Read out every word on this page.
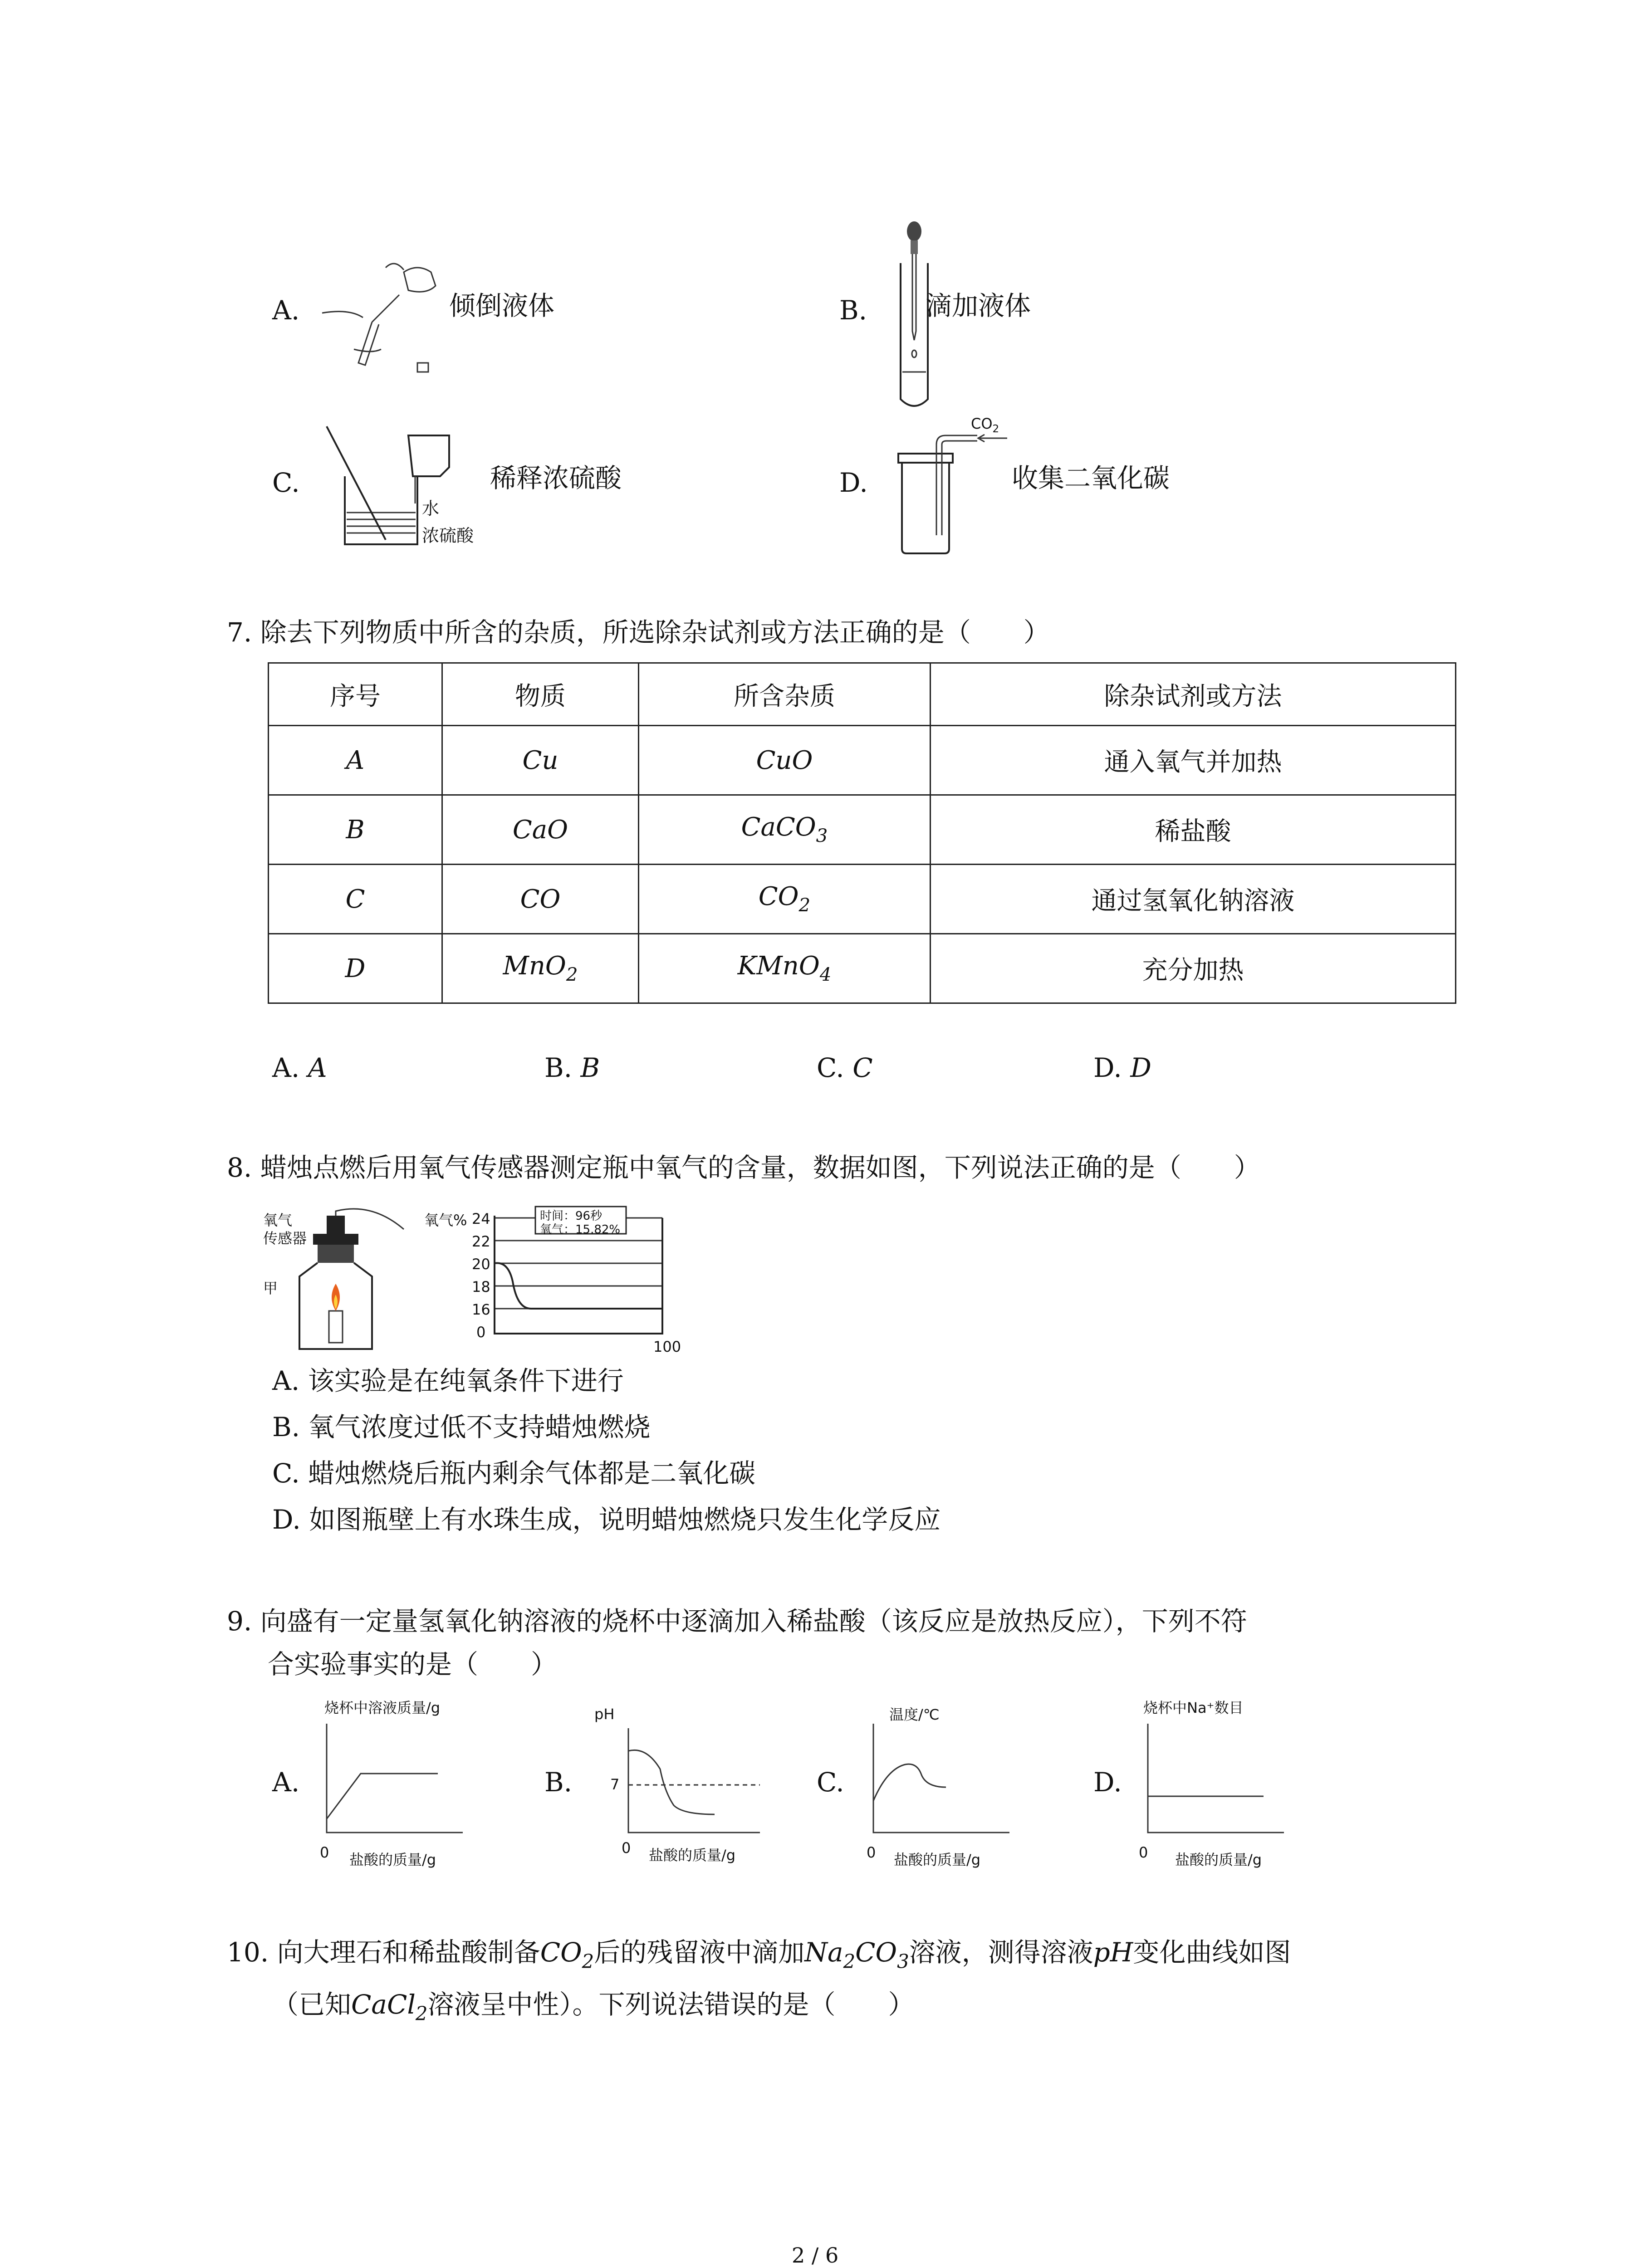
A.	倾倒液体	B. 滴加液体
C.
水
浓硫酸
稀释浓硫酸	D.
$CO_2$
收集二氧化碳
7. 除去下列物质中所含的杂质，所选除杂试剂或方法正确的是（　　）
序号	物质	所含杂质	除杂试剂或方法
A	Cu	CuO	通入氧气并加热
B	CaO	CaCO$_3$	稀盐酸
C	CO	$CO_2$	通过氢氧化钠溶液
D	MnO$_2$	KMnO$_4$	充分加热
A. A	B. B	C. C	D. D
8. 蜡烛点燃后用氧气传感器测定瓶中氧气的含量，数据如图，下列说法正确的是（　　）
氧气
传感器
甲
氧气% 24
22
20
18
16
0
时间：96秒
氧气：15.82%
100
A. 该实验是在纯氧条件下进行
B. 氧气浓度过低不支持蜡烛燃烧
C. 蜡烛燃烧后瓶内剩余气体都是二氧化碳
D. 如图瓶壁上有水珠生成，说明蜡烛燃烧只发生化学反应
9. 向盛有一定量氢氧化钠溶液的烧杯中逐滴加入稀盐酸（该反应是放热反应），下列不符
合实验事实的是（　　）
A.
烧杯中溶液质量/g
0 盐酸的质量/g
B.
pH
7
0 盐酸的质量/g
C.
温度/℃
0 盐酸的质量/g
D.
烧杯中Na⁺数目
0 盐酸的质量/g
10. 向大理石和稀盐酸制备$CO_2$后的残留液中滴加$Na_2CO_3$溶液，测得溶液pH变化曲线如图
（已知CaCl$_2$溶液呈中性）。下列说法错误的是（　　）
2 / 6
